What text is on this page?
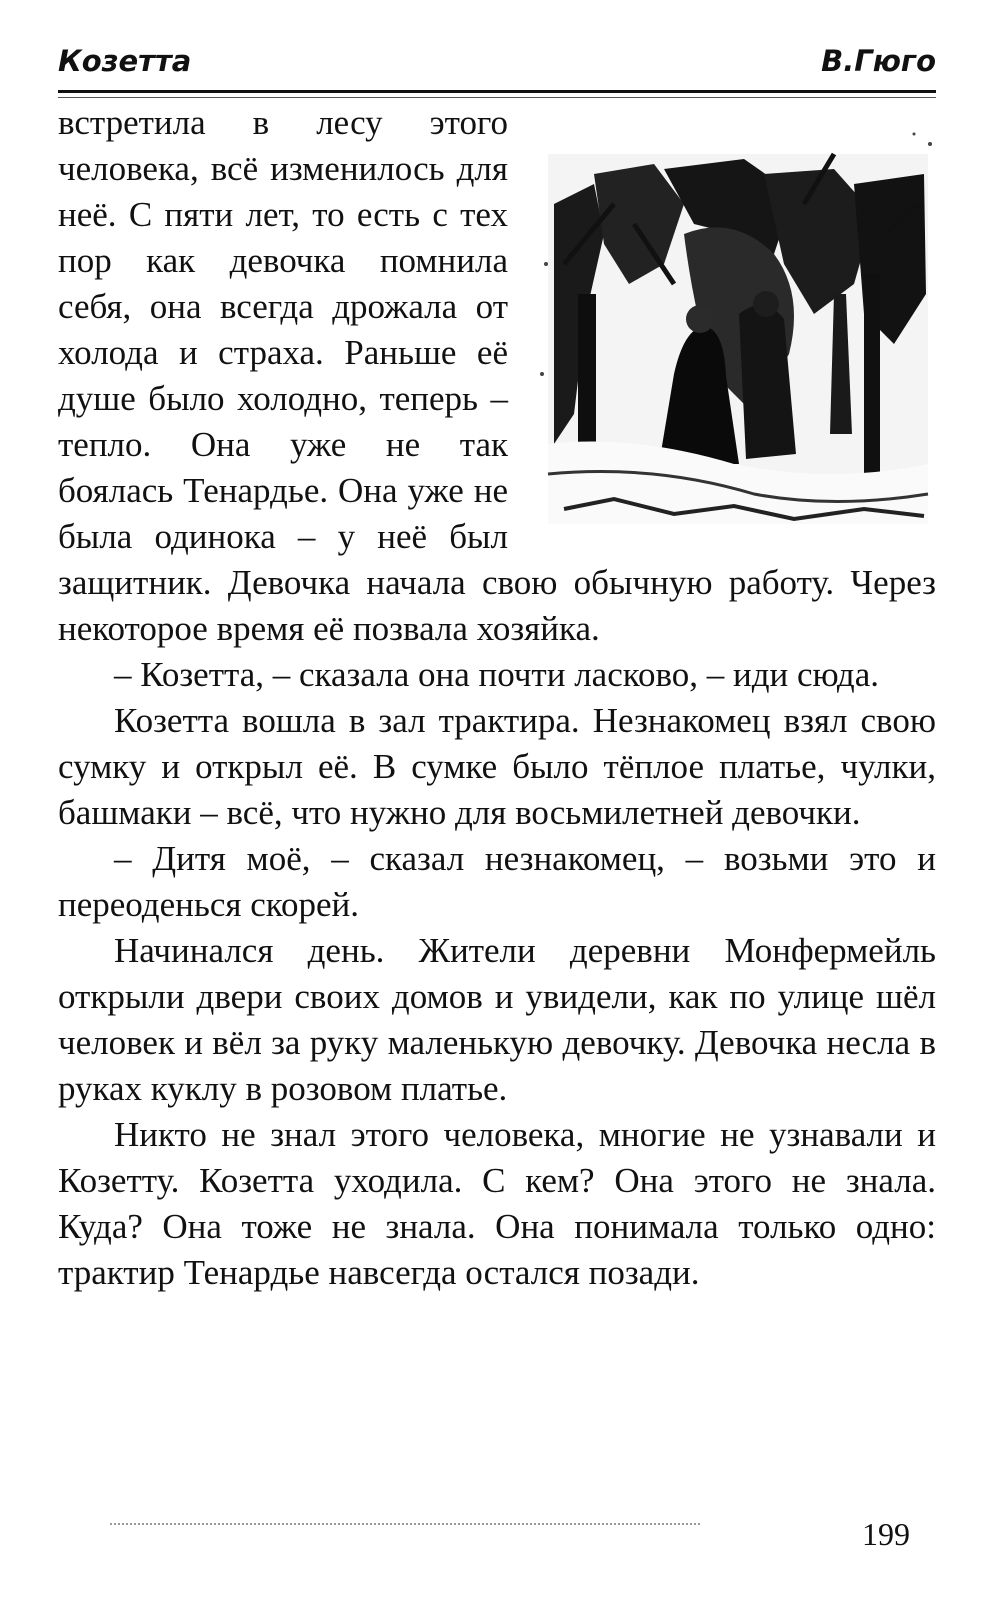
Козетта	В.Гюго

встретила в лесу этого человека, всё изменилось для неё. С пяти лет, то есть с тех пор как девочка помнила себя, она всегда дрожала от холода и страха. Раньше её душе было холодно, теперь – тепло. Она уже не так боялась Тенардье. Она уже не была одинока – у неё был защитник. Девочка начала свою обычную работу. Через некоторое время её позвала хозяйка.

– Козетта, – сказала она почти ласково, – иди сюда.

Козетта вошла в зал трактира. Незнакомец взял свою сумку и открыл её. В сумке было тёплое платье, чулки, башмаки – всё, что нужно для восьмилетней девочки.

– Дитя моё, – сказал незнакомец, – возьми это и переоденься скорей.

Начинался день. Жители деревни Монфермейль открыли двери своих домов и увидели, как по улице шёл человек и вёл за руку маленькую девочку. Девочка несла в руках куклу в розовом платье.

Никто не знал этого человека, многие не узнавали и Козетту. Козетта уходила. С кем? Она этого не знала. Куда? Она тоже не знала. Она понимала только одно: трактир Тенардье навсегда остался позади.

199
